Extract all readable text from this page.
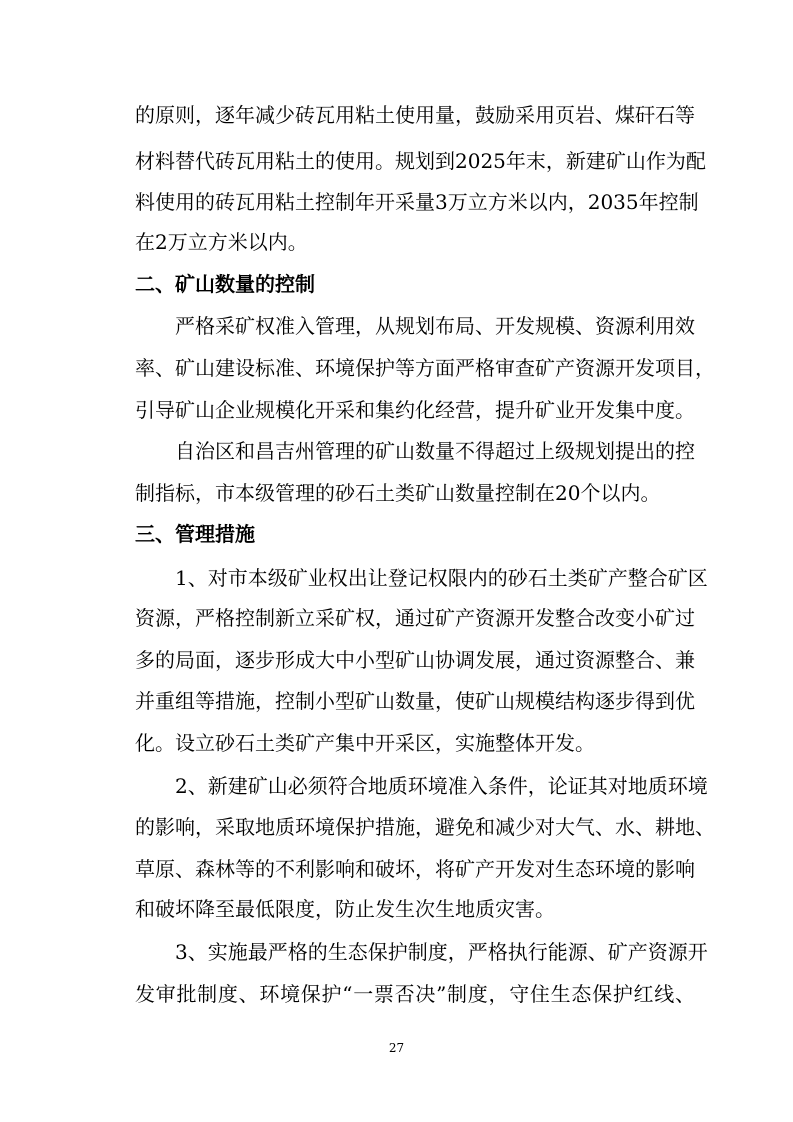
的原则，逐年减少砖瓦用粘土使用量，鼓励采用页岩、煤矸石等
材料替代砖瓦用粘土的使用。规划到2025年末，新建矿山作为配
料使用的砖瓦用粘土控制年开采量3万立方米以内，2035年控制
在2万立方米以内。
二、矿山数量的控制
严格采矿权准入管理，从规划布局、开发规模、资源利用效
率、矿山建设标准、环境保护等方面严格审查矿产资源开发项目，
引导矿山企业规模化开采和集约化经营，提升矿业开发集中度。
自治区和昌吉州管理的矿山数量不得超过上级规划提出的控
制指标，市本级管理的砂石土类矿山数量控制在20个以内。
三、管理措施
1、对市本级矿业权出让登记权限内的砂石土类矿产整合矿区
资源，严格控制新立采矿权，通过矿产资源开发整合改变小矿过
多的局面，逐步形成大中小型矿山协调发展，通过资源整合、兼
并重组等措施，控制小型矿山数量，使矿山规模结构逐步得到优
化。设立砂石土类矿产集中开采区，实施整体开发。
2、新建矿山必须符合地质环境准入条件，论证其对地质环境
的影响，采取地质环境保护措施，避免和减少对大气、水、耕地、
草原、森林等的不利影响和破坏，将矿产开发对生态环境的影响
和破坏降至最低限度，防止发生次生地质灾害。
3、实施最严格的生态保护制度，严格执行能源、矿产资源开
发审批制度、环境保护“一票否决”制度，守住生态保护红线、
27
